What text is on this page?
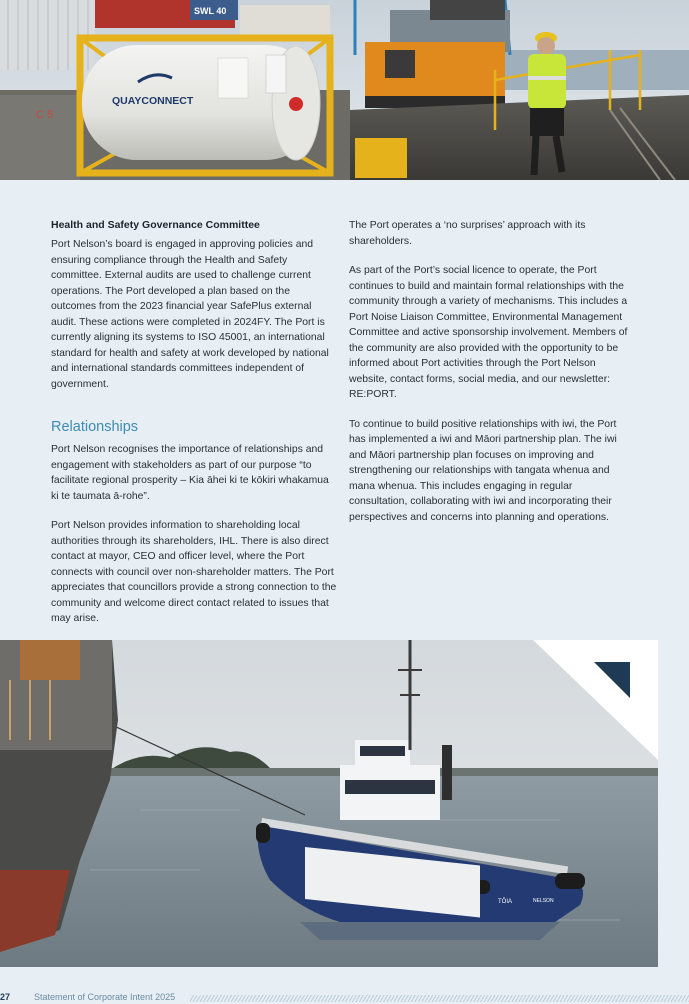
C 5
SWL 40
QUAYCONNECT
Health and Safety Governance Committee

Port Nelson’s board is engaged in approving policies and ensuring compliance through the Health and Safety committee. External audits are used to challenge current operations. The Port developed a plan based on the outcomes from the 2023 financial year SafePlus external audit. These actions were completed in 2024FY. The Port is currently aligning its systems to ISO 45001, an international standard for health and safety at work developed by national and international standards committees independent of government.

Relationships

Port Nelson recognises the importance of relationships and engagement with stakeholders as part of our purpose “to facilitate regional prosperity – Kia āhei ki te kōkiri whakamua ki te taumata ā-rohe”.

Port Nelson provides information to shareholding local authorities through its shareholders, IHL. There is also direct contact at mayor, CEO and officer level, where the Port connects with council over non-shareholder matters. The Port appreciates that councillors provide a strong connection to the community and welcome direct contact related to issues that may arise.

The Port operates a ‘no surprises’ approach with its shareholders.

As part of the Port’s social licence to operate, the Port continues to build and maintain formal relationships with the community through a variety of mechanisms. This includes a Port Noise Liaison Committee, Environmental Management Committee and active sponsorship involvement. Members of the community are also provided with the opportunity to be informed about Port activities through the Port Nelson website, contact forms, social media, and our newsletter: RE:PORT.

To continue to build positive relationships with iwi, the Port has implemented a iwi and Māori partnership plan. The iwi and Māori partnership plan focuses on improving and strengthening our relationships with tangata whenua and mana whenua. This includes engaging in regular consultation, collaborating with iwi and incorporating their perspectives and concerns into planning and operations.

TŌIA	NELSON
27	Statement of Corporate Intent 2025
